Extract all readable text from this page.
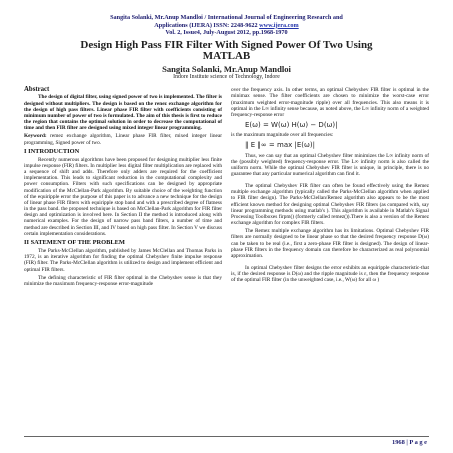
Sangita Solanki, Mr.Anup Mandloi / International Journal of Engineering Research and
Applications (IJERA) ISSN: 2248-9622 www.ijera.com
Vol. 2, Issue4, July-August 2012, pp.1968-1970
Design High Pass FIR Filter With Signed Power Of Two Using
MATLAB
Sangita Solanki, Mr.Anup Mandloi
Indore Institute science of Technology, Indore
Abstract

The design of digital filter, using signed power of two is implemented. The filter is designed without multipliers. The design is based on the renez exchange algorithm for the design of high pass filters. Linear phase FIR filter with coefficients consisting of minimum number of power of two is formulated. The aim of this thesis is first to reduce the region that contains the optimal solution in order to decrease the computational of time and then FIR filter are designed using mixed integer linear programming.

Keyword: remez exchange algorithm, Linear phase FIR filter, mixed integer linear programming, Signed power of two.

I INTRODUCTION

Recently numerous algorithms have been proposed for designing multiplier less finite impulse response (FIR) filters. In multiplier less digital filter multiplication are replaced with a sequence of shift and adds. Therefore only adders are required for the coefficient implementation. This leads to significant reduction in the computational complexity and power consumption. Filters with such specifications can be designed by appropriate modification of the McClellan-Park algorithm. By suitable choice of the weighting function of the equiripple error the purpose of this paper is to advance a new technique for the design of linear phase FIR filters with equiripple stop band and with a prescribed degree of flatness in the pass band. the proposed technique is based on McClellan-Park algorithm for FIR filter design and optimization is involved here. In Section II the method is introduced along with numerical examples. For the design of narrow pass band filters, a number of time and method are described in Section III, and IV based on high pass filter. In Section V we discuss certain implementation considerations.

II SATEMENT OF THE PROBLEM

The Parks-McClellan algorithm, published by James McClellan and Thomas Parks in 1972, is an iterative algorithm for finding the optimal Chebyshev finite impulse response (FIR) filter. The Parks-McClellan algorithm is utilized to design and implement efficient and optimal FIR filters.

The defining characteristic of FIR filter optimal in the Chebyshev sense is that they minimize the maximum frequency-response error-magnitude

over the frequency axis. In other terms, an optimal Chebyshev FIR filter is optimal in the minimax sense. The filter coefficients are chosen to minimize the worst-case error (maximum weighted error-magnitude ripple) over all frequencies. This also means it is optimal in the L∞ infinity sense because, as noted above, the L∞ infinity norm of a weighted frequency-response error

E(ω) = W(ω) H(ω) − D(ω)|

is the maximum magnitude over all frequencies:

‖ E ‖∞ = max |E(ω)|

Thus, we can say that an optimal Chebyshev filter minimizes the L∞ infinity norm of the (possibly weighted) frequency-response error. The L∞ infinity norm is also called the uniform norm. While the optimal Chebyshev FIR filter is unique, in principle, there is no guarantee that any particular numerical algorithm can find it.

The optimal Chebyshev FIR filter can often be found effectively using the Remez multiple exchange algorithm (typically called the Parks-McClellan algorithm when applied to FIR filter design). The Parks-McClellan/Remez algorithm also appears to be the most efficient known method for designing optimal Chebyshev FIR filters (as compared with, say linear programming methods using matlab's ). This algorithm is available in Matlab's Signal Processing Toolboxes firpm() (formerly called remez()).There is also a version of the Remez exchange algorithm for complex FIR filters.

The Remez multiple exchange algorithm has its limitations. Optimal Chebyshev FIR filters are normally designed to be linear phase so that the desired frequency response D(ω) can be taken to be real (i.e., first a zero-phase FIR filter is designed). The design of linear-phase FIR filters in the frequency domain can therefore be characterized as real polynomial approximation.

In optimal Chebyshev filter designs the error exhibits an equiripple characteristic-that is, if the desired response is D(ω) and the ripple magnitude is ε, then the frequency response of the optimal FIR filter (in the unweighted case, i.e., W(ω) for all ω )

1968 | P a g e
